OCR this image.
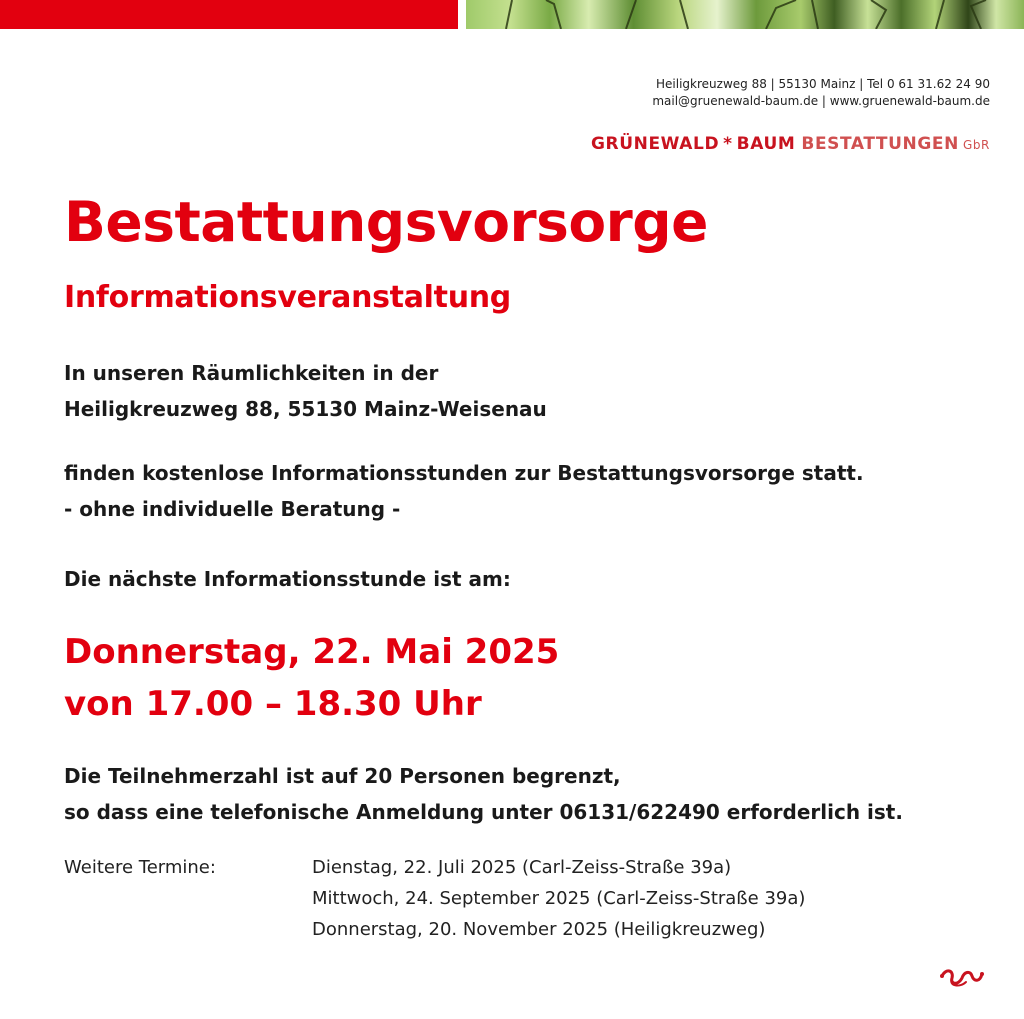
Heiligkreuzweg 88 | 55130 Mainz | Tel 0 61 31.62 24 90
mail@gruenewald-baum.de | www.gruenewald-baum.de
GRÜNEWALD * BAUM BESTATTUNGEN GbR
Bestattungsvorsorge
Informationsveranstaltung
In unseren Räumlichkeiten in der
Heiligkreuzweg 88, 55130 Mainz-Weisenau
finden kostenlose Informationsstunden zur Bestattungsvorsorge statt.
- ohne individuelle Beratung -
Die nächste Informationsstunde ist am:
Donnerstag, 22. Mai 2025
von 17.00 – 18.30 Uhr
Die Teilnehmerzahl ist auf 20 Personen begrenzt,
so dass eine telefonische Anmeldung unter 06131/622490 erforderlich ist.
Weitere Termine:	Dienstag, 22. Juli 2025 (Carl-Zeiss-Straße 39a)
Mittwoch, 24. September 2025 (Carl-Zeiss-Straße 39a)
Donnerstag, 20. November 2025 (Heiligkreuzweg)
